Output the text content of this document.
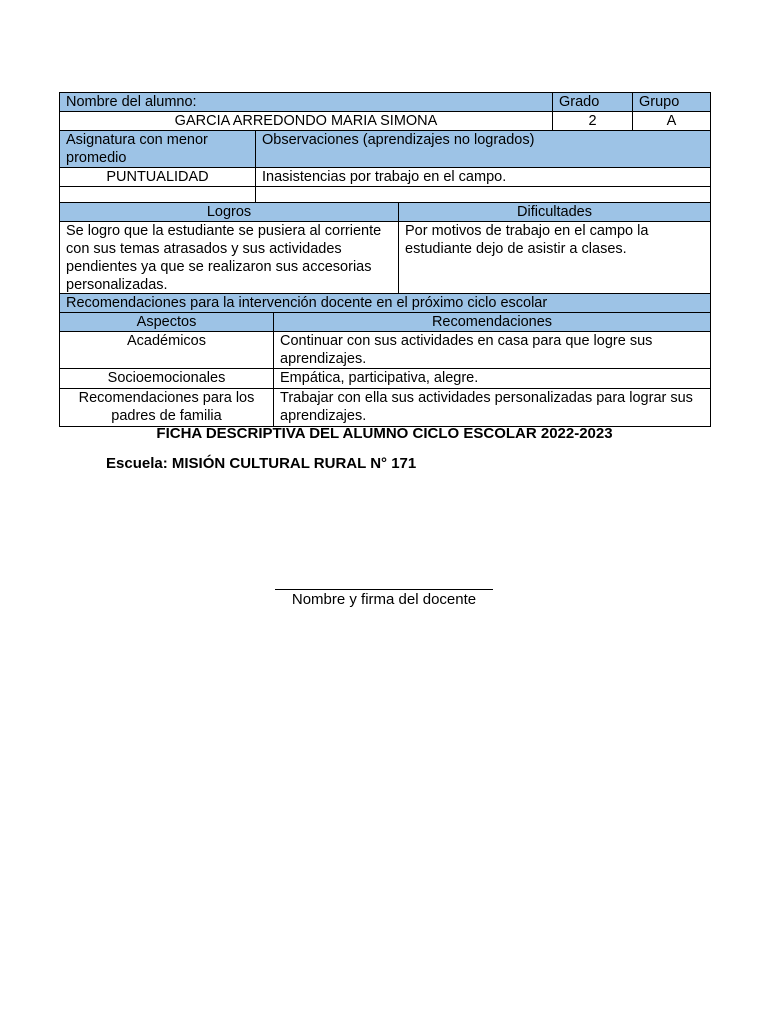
Nombre del alumno:		Grado	Grupo
GARCIA ARREDONDO MARIA SIMONA		2	A
Asignatura con menor promedio	Observaciones (aprendizajes no logrados)		
PUNTUALIDAD	Inasistencias por trabajo en el campo.		

Logros	Dificultades
Se logro que la estudiante se pusiera al corriente con sus temas atrasados y sus actividades pendientes ya que se realizaron sus accesorias personalizadas.	Por motivos de trabajo en el campo la estudiante dejo de asistir a clases.
Recomendaciones para la intervención docente en el próximo ciclo escolar	
Aspectos	Recomendaciones
Académicos	Continuar con sus actividades en casa para que logre sus aprendizajes.
Socioemocionales	Empática, participativa, alegre.
Recomendaciones para los padres de familia	Trabajar con ella sus actividades personalizadas para lograr sus aprendizajes.
FICHA DESCRIPTIVA DEL ALUMNO CICLO ESCOLAR 2022-2023
Escuela: MISIÓN CULTURAL RURAL N° 171
Nombre y firma del docente
